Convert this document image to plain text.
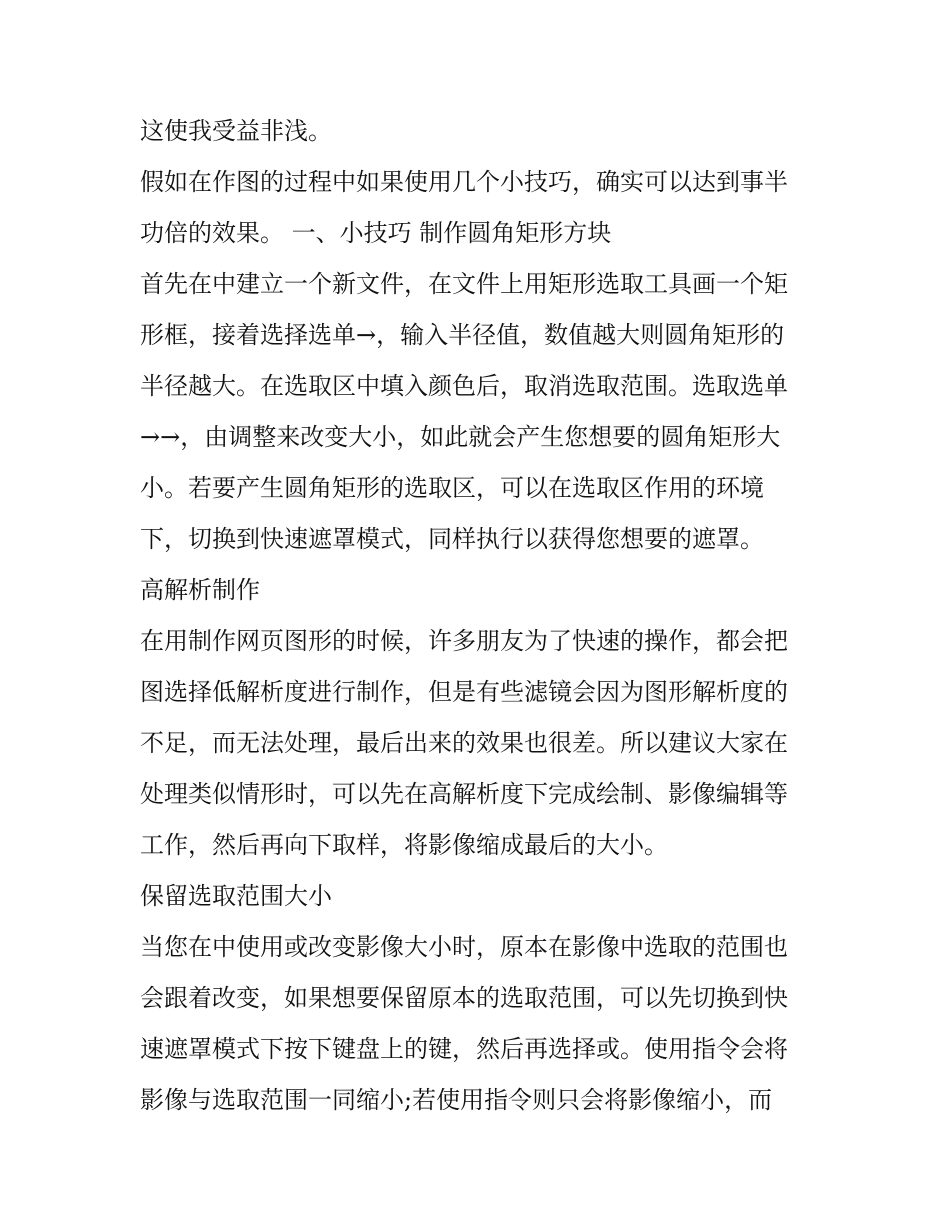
这使我受益非浅。
假如在作图的过程中如果使用几个小技巧，确实可以达到事半
功倍的效果。 一、小技巧 制作圆角矩形方块
首先在中建立一个新文件，在文件上用矩形选取工具画一个矩
形框，接着选择选单→，输入半径值，数值越大则圆角矩形的
半径越大。在选取区中填入颜色后，取消选取范围。选取选单
→→，由调整来改变大小，如此就会产生您想要的圆角矩形大
小。若要产生圆角矩形的选取区，可以在选取区作用的环境
下，切换到快速遮罩模式，同样执行以获得您想要的遮罩。
高解析制作
在用制作网页图形的时候，许多朋友为了快速的操作，都会把
图选择低解析度进行制作，但是有些滤镜会因为图形解析度的
不足，而无法处理，最后出来的效果也很差。所以建议大家在
处理类似情形时，可以先在高解析度下完成绘制、影像编辑等
工作，然后再向下取样，将影像缩成最后的大小。
保留选取范围大小
当您在中使用或改变影像大小时，原本在影像中选取的范围也
会跟着改变，如果想要保留原本的选取范围，可以先切换到快
速遮罩模式下按下键盘上的键，然后再选择或。使用指令会将
影像与选取范围一同缩小;若使用指令则只会将影像缩小，而
